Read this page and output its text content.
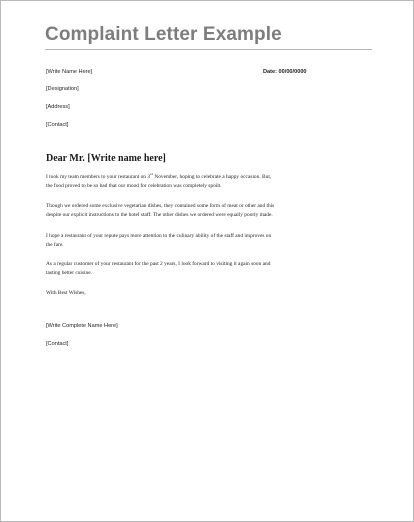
Complaint Letter Example
[Write Name Here]	Date: 00/00/0000
[Designation]
[Address]
[Contact]
Dear Mr. [Write name here]
I took my team members to your restaurant on 3rd November, hoping to celebrate a happy occasion. But,
the food proved to be so bad that our mood for celebration was completely spoilt.
Though we ordered some exclusive vegetarian dishes, they contained some form of meat or other and this
despite our explicit instructions to the hotel staff. The other dishes we ordered were equally poorly made.
I hope a restaurant of your repute pays more attention to the culinary ability of the staff and improves on
the fare.
As a regular customer of your restaurant for the past 2 years, I look forward to visiting it again soon and
tasting better cuisine.
With Best Wishes,
[Write Complete Name Here]
[Contact]
